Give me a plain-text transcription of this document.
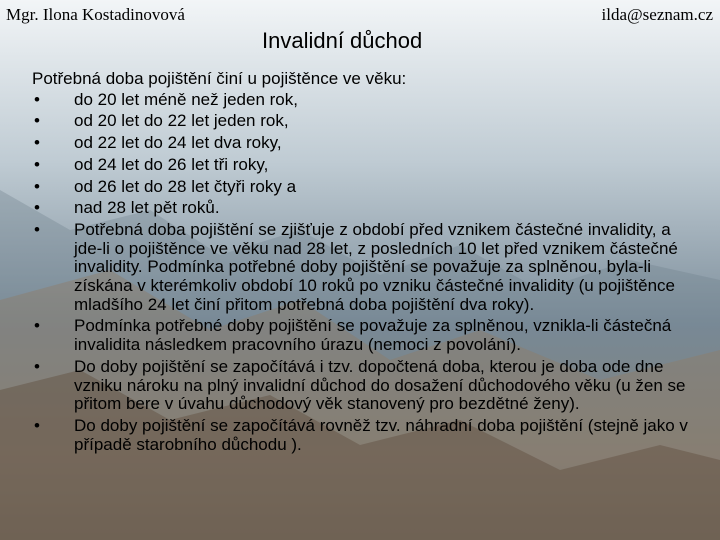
Mgr. Ilona Kostadinovová	ilda@seznam.cz
Invalidní důchod
Potřebná doba pojištění činí u pojištěnce ve věku:
• do 20 let méně než jeden rok,
• od 20 let do 22 let jeden rok,
• od 22 let do 24 let dva roky,
• od 24 let do 26 let tři roky,
• od 26 let do 28 let čtyři roky a
• nad 28 let pět roků.
• Potřebná doba pojištění se zjišťuje z období před vznikem částečné invalidity, a jde-li o pojištěnce ve věku nad 28 let, z posledních 10 let před vznikem částečné invalidity. Podmínka potřebné doby pojištění se považuje za splněnou, byla-li získána v kterémkoliv období 10 roků po vzniku částečné invalidity (u pojištěnce mladšího 24 let činí přitom potřebná doba pojištění dva roky).
• Podmínka potřebné doby pojištění se považuje za splněnou, vznikla-li částečná invalidita následkem pracovního úrazu (nemoci z povolání).
• Do doby pojištění se započítává i tzv. dopočtená doba, kterou je doba ode dne vzniku nároku na plný invalidní důchod do dosažení důchodového věku (u žen se přitom bere v úvahu důchodový věk stanovený pro bezdětné ženy).
• Do doby pojištění se započítává rovněž tzv. náhradní doba pojištění (stejně jako v případě starobního důchodu ).
